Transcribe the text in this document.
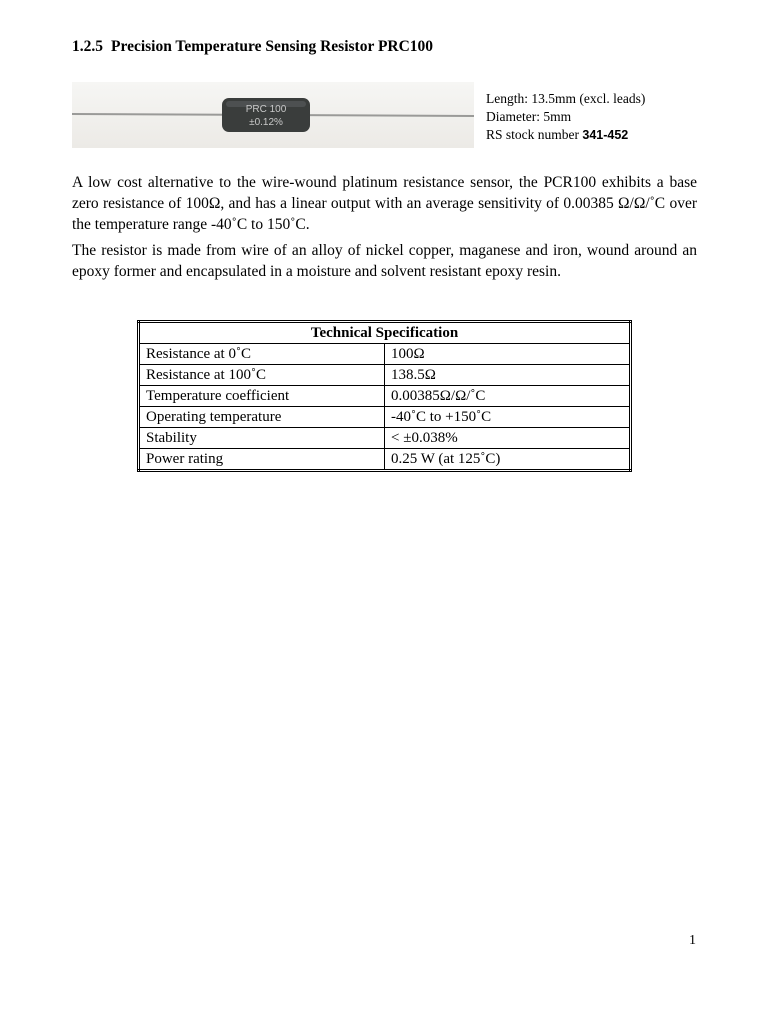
1.2.5 Precision Temperature Sensing Resistor PRC100
PRC 100
±0.12%
Length: 13.5mm (excl. leads)
Diameter: 5mm
RS stock number 341-452

A low cost alternative to the wire-wound platinum resistance sensor, the PCR100 exhibits a base zero resistance of 100Ω, and has a linear output with an average sensitivity of 0.00385 Ω/Ω/˚C over the temperature range -40˚C to 150˚C.

The resistor is made from wire of an alloy of nickel copper, maganese and iron, wound around an epoxy former and encapsulated in a moisture and solvent resistant epoxy resin.

Technical Specification	
Resistance at 0˚C	100Ω
Resistance at 100˚C	138.5Ω
Temperature coefficient	0.00385Ω/Ω/˚C
Operating temperature	-40˚C to +150˚C
Stability	< ±0.038%
Power rating	0.25 W (at 125˚C)
1
